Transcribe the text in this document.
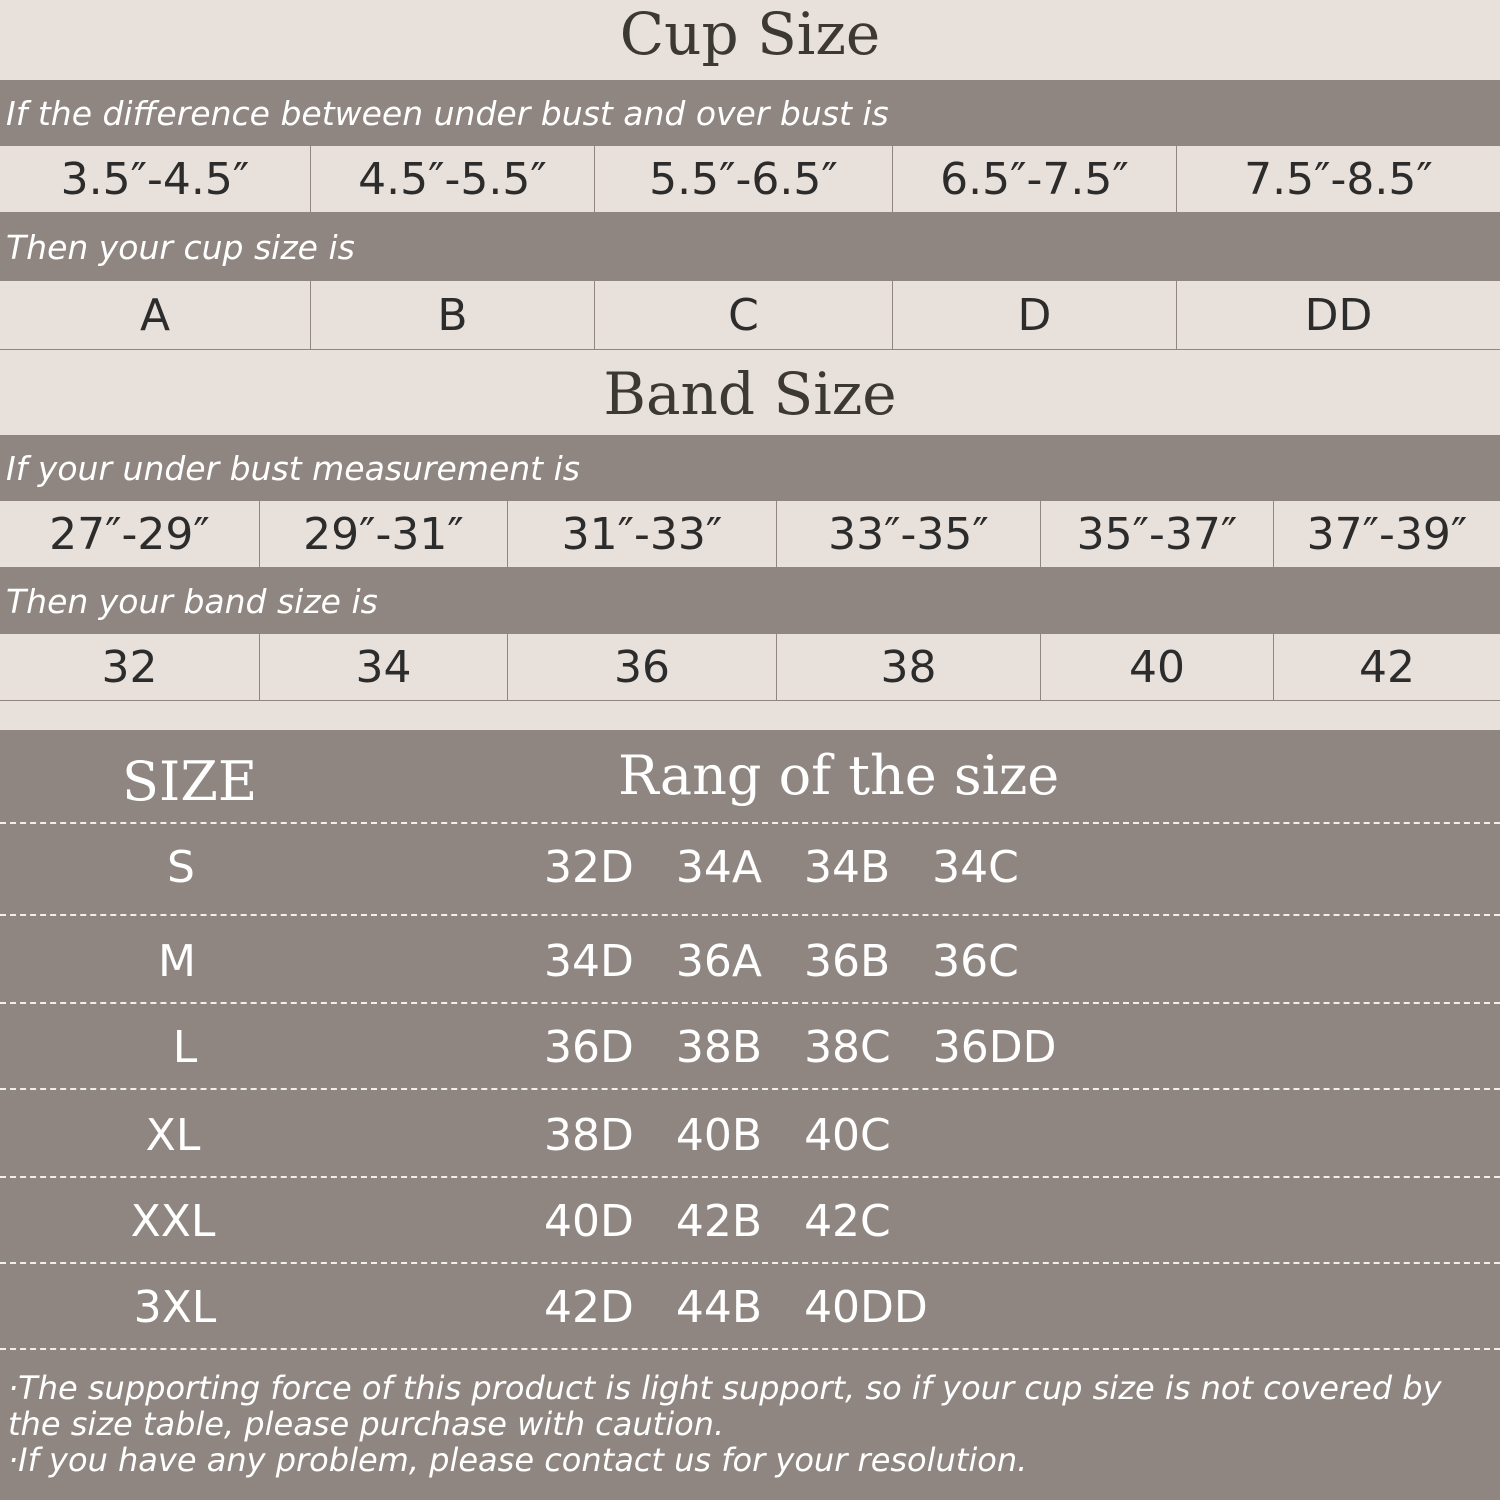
Cup Size
If the difference between under bust and over bust is
3.5″-4.5″	4.5″-5.5″	5.5″-6.5″	6.5″-7.5″	7.5″-8.5″
Then your cup size is
A	B	C	D	DD
Band Size
If your under bust measurement is
27″-29″	29″-31″	31″-33″	33″-35″	35″-37″	37″-39″
Then your band size is
32	34	36	38	40	42
SIZE	Rang of the size
S	32D 34A 34B 34C
M	34D 36A 36B 36C
L	36D 38B 38C 36DD
XL	38D 40B 40C
XXL	40D 42B 42C
3XL	42D 44B 40DD
·The supporting force of this product is light support, so if your cup size is not covered by the size table, please purchase with caution.
·If you have any problem, please contact us for your resolution.
